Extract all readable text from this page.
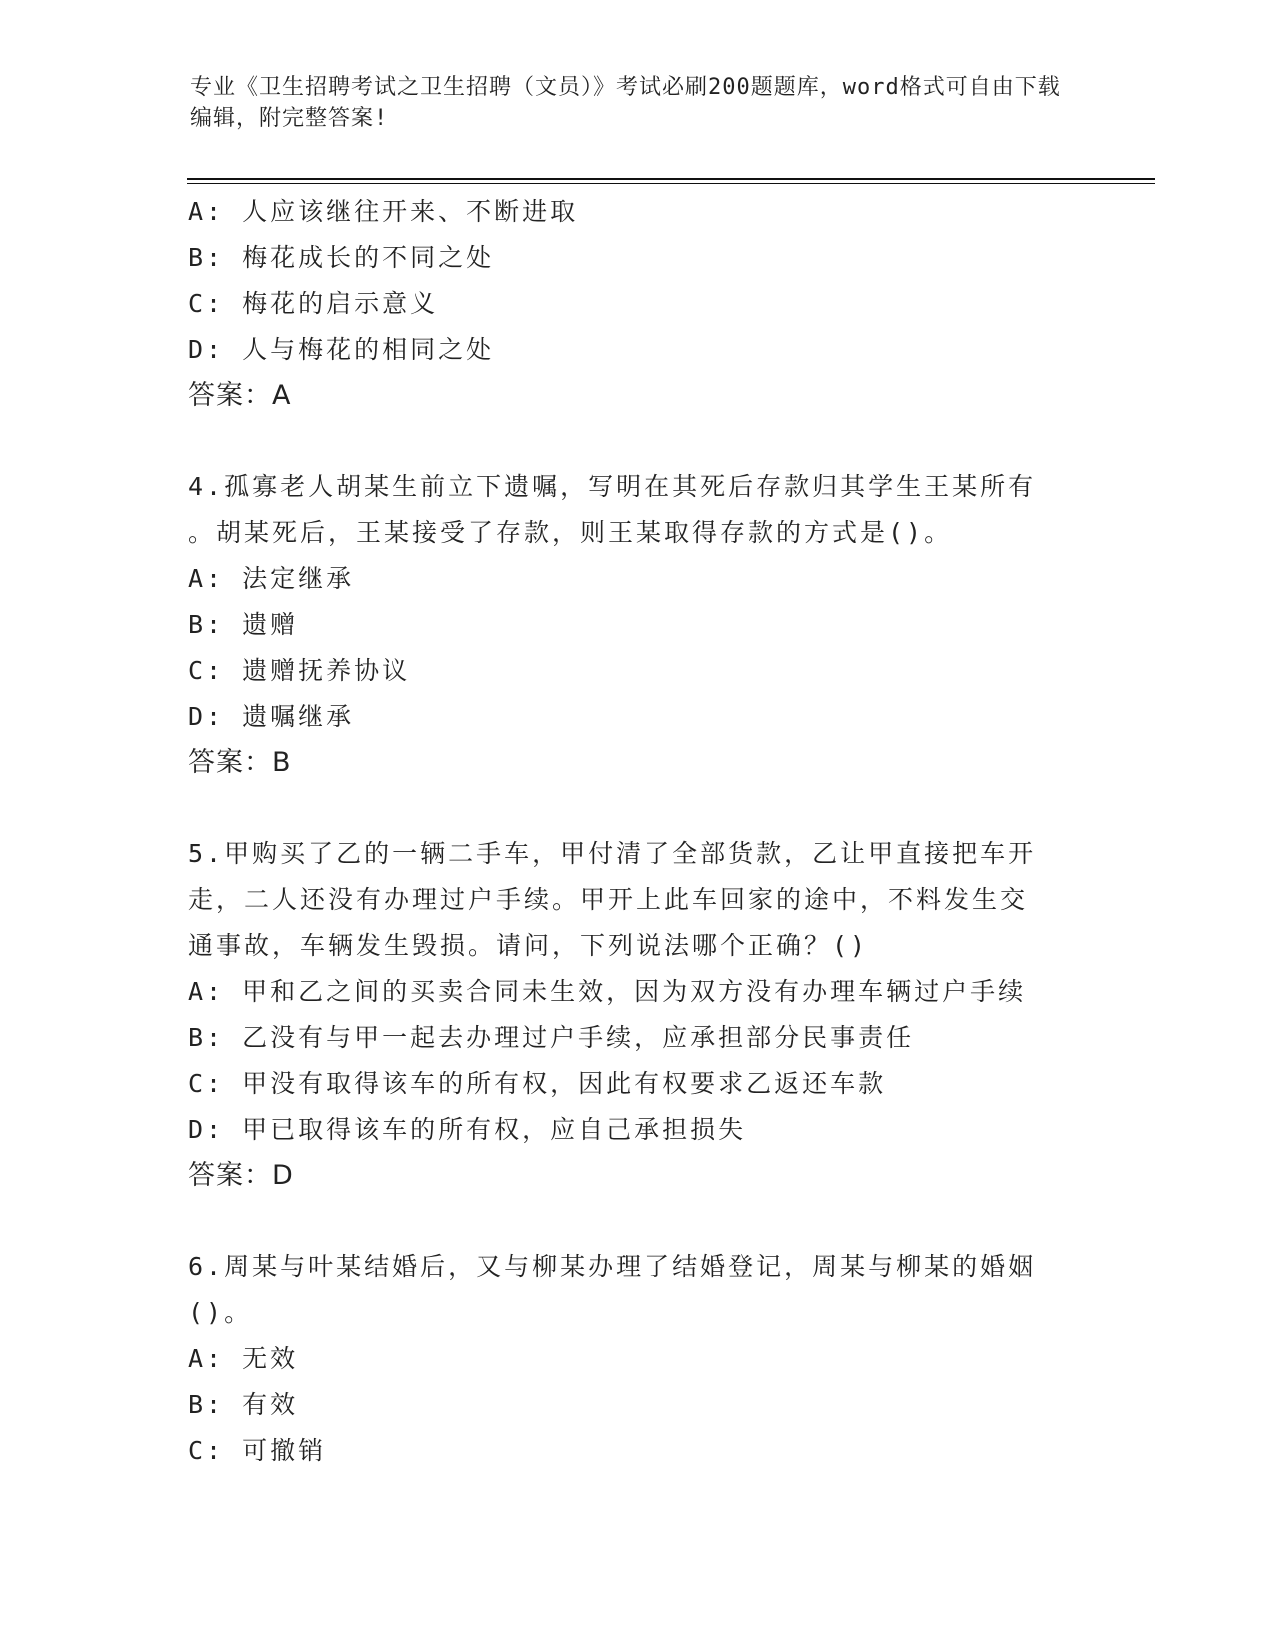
专业《卫生招聘考试之卫生招聘（文员）》考试必刷200题题库，word格式可自由下载编辑，附完整答案!
A: 人应该继往开来、不断进取
B: 梅花成长的不同之处
C: 梅花的启示意义
D: 人与梅花的相同之处
答案：A
4.孤寡老人胡某生前立下遗嘱，写明在其死后存款归其学生王某所有
。胡某死后，王某接受了存款，则王某取得存款的方式是()。
A: 法定继承
B: 遗赠
C: 遗赠抚养协议
D: 遗嘱继承
答案：B
5.甲购买了乙的一辆二手车，甲付清了全部货款，乙让甲直接把车开
走，二人还没有办理过户手续。甲开上此车回家的途中，不料发生交
通事故，车辆发生毁损。请问，下列说法哪个正确？()
A: 甲和乙之间的买卖合同未生效，因为双方没有办理车辆过户手续
B: 乙没有与甲一起去办理过户手续，应承担部分民事责任
C: 甲没有取得该车的所有权，因此有权要求乙返还车款
D: 甲已取得该车的所有权，应自己承担损失
答案：D
6.周某与叶某结婚后，又与柳某办理了结婚登记，周某与柳某的婚姻
()。
A: 无效
B: 有效
C: 可撤销
